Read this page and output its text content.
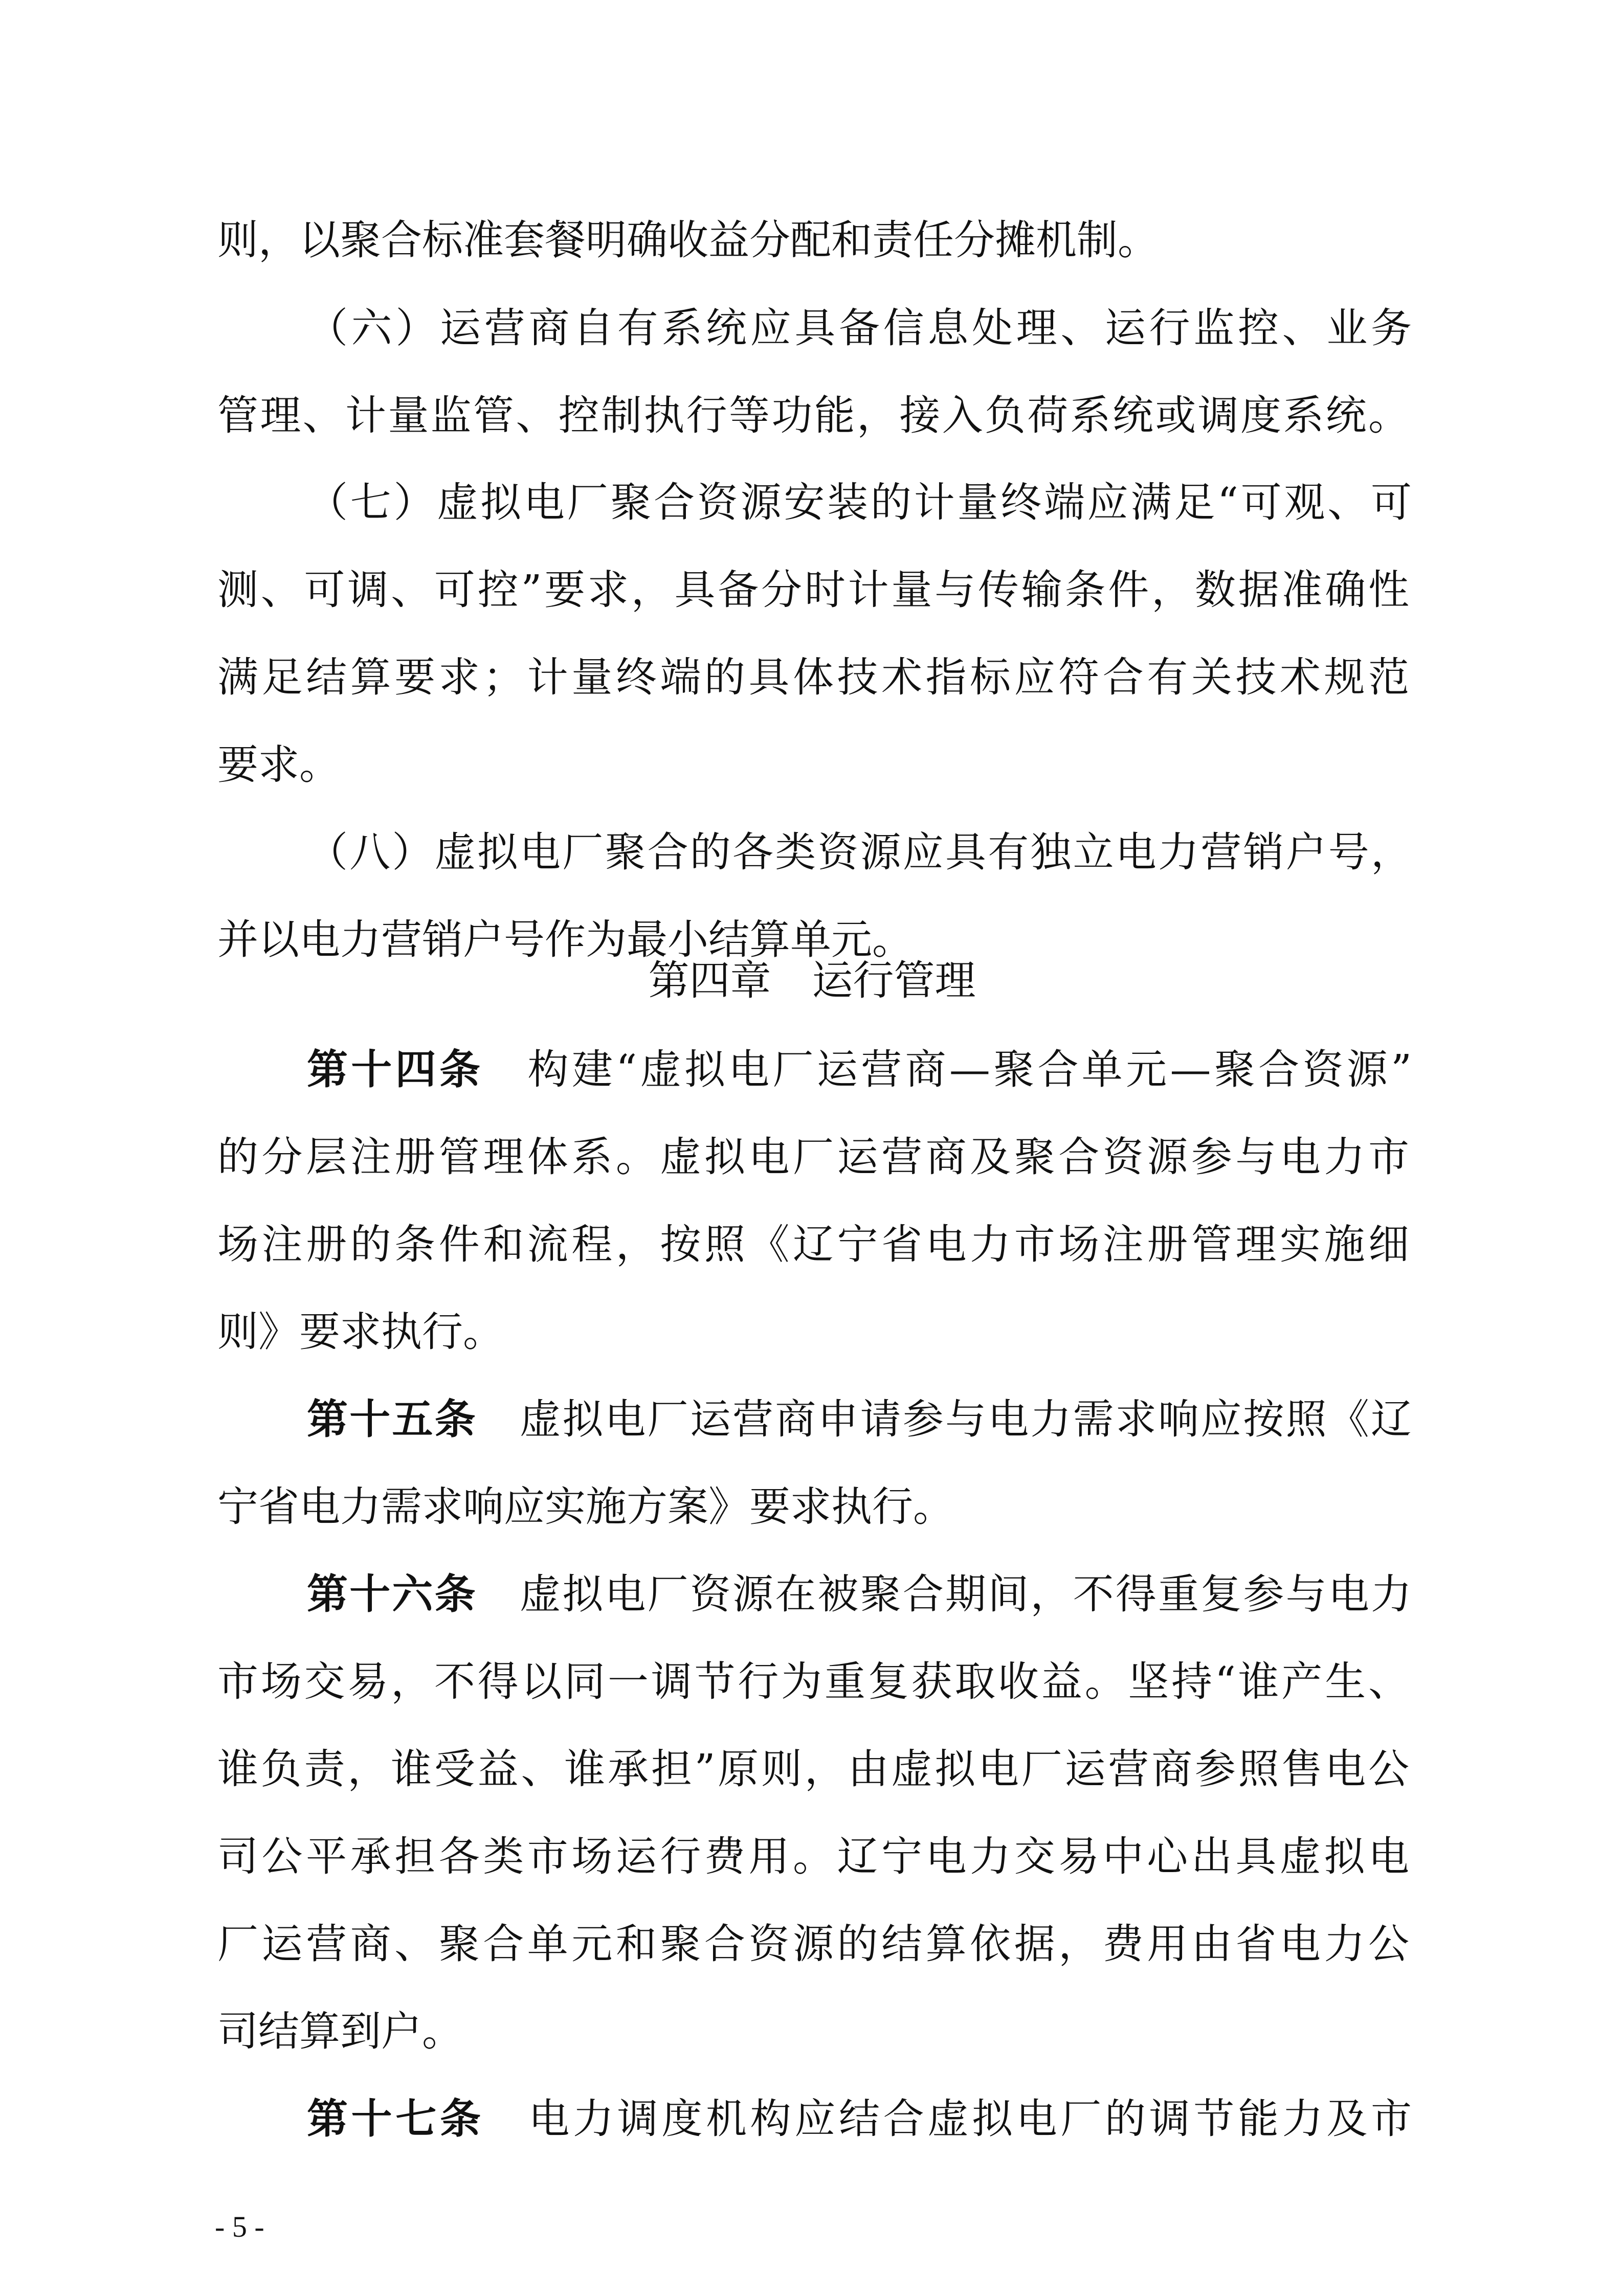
则，以聚合标准套餐明确收益分配和责任分摊机制。

（六）运营商自有系统应具备信息处理、运行监控、业务

管理、计量监管、控制执行等功能，接入负荷系统或调度系统。

（七）虚拟电厂聚合资源安装的计量终端应满足“可观、可

测、可调、可控”要求，具备分时计量与传输条件，数据准确性

满足结算要求；计量终端的具体技术指标应符合有关技术规范

要求。

（八）虚拟电厂聚合的各类资源应具有独立电力营销户号，

并以电力营销户号作为最小结算单元。

第四章 运行管理

第十四条　 构建“虚拟电厂运营商—聚合单元—聚合资源”

的分层注册管理体系。虚拟电厂运营商及聚合资源参与电力市

场注册的条件和流程，按照《辽宁省电力市场注册管理实施细

则》要求执行。

第十五条　 虚拟电厂运营商申请参与电力需求响应按照《辽

宁省电力需求响应实施方案》要求执行。

第十六条　 虚拟电厂资源在被聚合期间，不得重复参与电力

市场交易，不得以同一调节行为重复获取收益。坚持“谁产生、

谁负责，谁受益、谁承担”原则，由虚拟电厂运营商参照售电公

司公平承担各类市场运行费用。辽宁电力交易中心出具虚拟电

厂运营商、聚合单元和聚合资源的结算依据，费用由省电力公

司结算到户。

第十七条　 电力调度机构应结合虚拟电厂的调节能力及市

- 5 -
